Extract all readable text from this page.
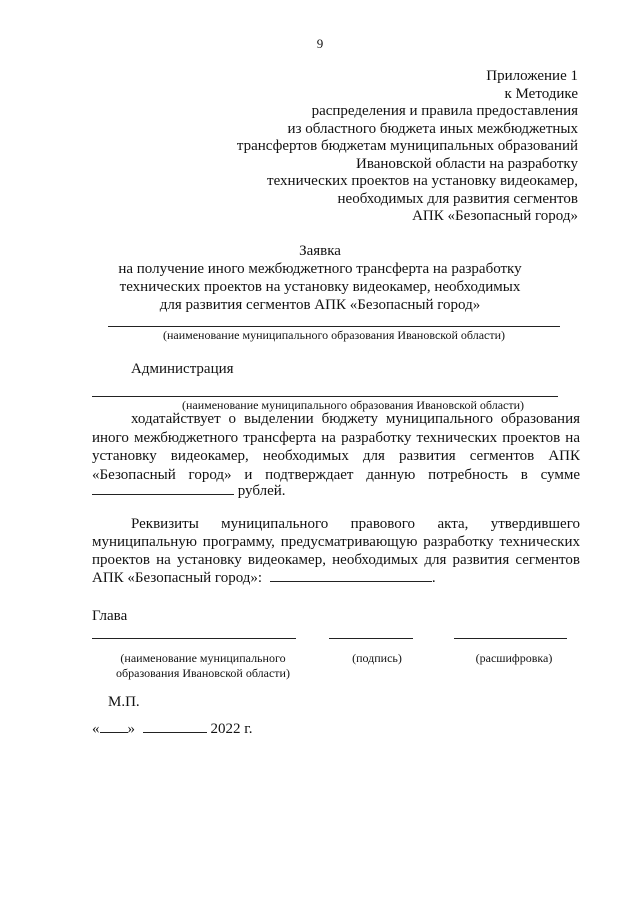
9
Приложение 1
к Методике
распределения и правила предоставления
из областного бюджета иных межбюджетных
трансфертов бюджетам муниципальных образований
Ивановской области на разработку
технических проектов на установку видеокамер,
необходимых для развития сегментов
АПК «Безопасный город»
Заявка
на получение иного межбюджетного трансферта на разработку
технических проектов на установку видеокамер, необходимых
для развития сегментов АПК «Безопасный город»
(наименование муниципального образования Ивановской области)
Администрация
(наименование муниципального образования Ивановской области)
ходатайствует о выделении бюджету муниципального образования
иного межбюджетного трансферта на разработку технических проектов на
установку видеокамер, необходимых для развития сегментов АПК
«Безопасный город» и подтверждает данную потребность в сумме
рублей.
Реквизиты муниципального правового акта, утвердившего
муниципальную программу, предусматривающую разработку технических
проектов на установку видеокамер, необходимых для развития сегментов
АПК «Безопасный город»:	.
Глава
(наименование муниципального
образования Ивановской области)
(подпись)	(расшифровка)
М.П.
« »	2022 г.
